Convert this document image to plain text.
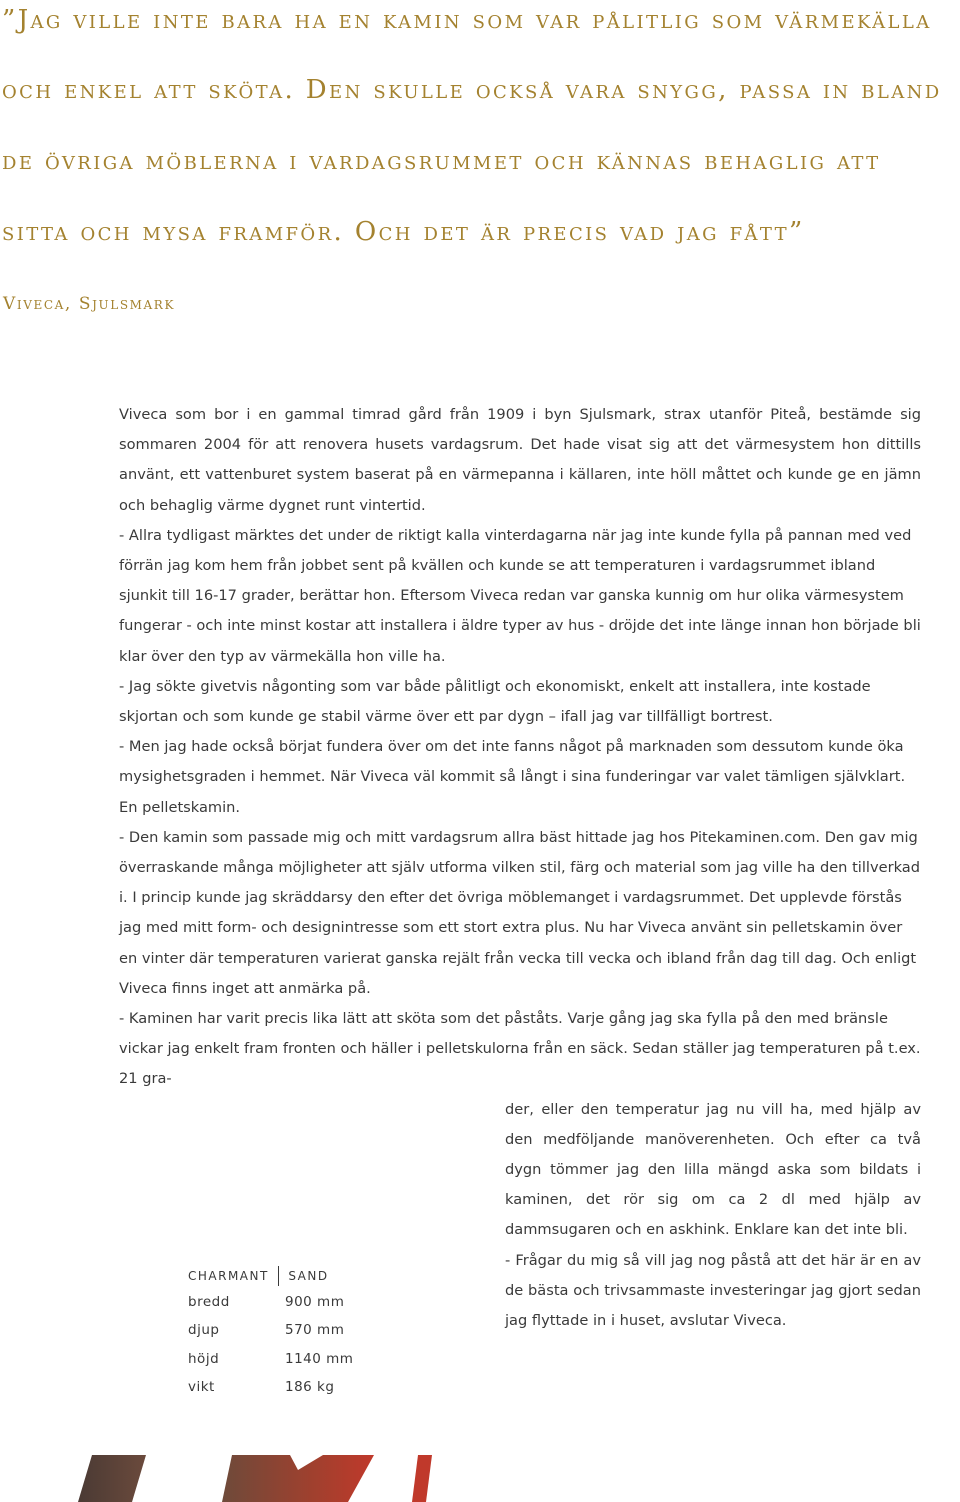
”Jag ville inte bara ha en kamin som var pålitlig som värmekälla
och enkel att sköta. Den skulle också vara snygg, passa in bland
de övriga möblerna i vardagsrummet och kännas behaglig att
sitta och mysa framför. Och det är precis vad jag fått”
Viveca, Sjulsmark

Viveca som bor i en gammal timrad gård från 1909 i byn Sjulsmark, strax utanför Piteå, bestämde sig sommaren 2004 för att renovera husets vardagsrum. Det hade visat sig att det värmesystem hon dittills använt, ett vattenburet system baserat på en värmepanna i källaren, inte höll måttet och kunde ge en jämn och behaglig värme dygnet runt vintertid.

- Allra tydligast märktes det under de riktigt kalla vinterdagarna när jag inte kunde fylla på pannan med ved förrän jag kom hem från jobbet sent på kvällen och kunde se att temperaturen i vardagsrummet ibland sjunkit till 16-17 grader, berättar hon. Eftersom Viveca redan var ganska kunnig om hur olika värmesystem fungerar - och inte minst kostar att installera i äldre typer av hus - dröjde det inte länge innan hon började bli klar över den typ av värmekälla hon ville ha.

- Jag sökte givetvis någonting som var både pålitligt och ekonomiskt, enkelt att installera, inte kostade skjortan och som kunde ge stabil värme över ett par dygn – ifall jag var tillfälligt bortrest.

- Men jag hade också börjat fundera över om det inte fanns något på marknaden som dessutom kunde öka mysighetsgraden i hemmet. När Viveca väl kommit så långt i sina funderingar var valet tämligen självklart.

En pelletskamin.

- Den kamin som passade mig och mitt vardagsrum allra bäst hittade jag hos Pitekaminen.com. Den gav mig överraskande många möjligheter att själv utforma vilken stil, färg och material som jag ville ha den tillverkad i. I princip kunde jag skräddarsy den efter det övriga möblemanget i vardagsrummet. Det upplevde förstås jag med mitt form- och designintresse som ett stort extra plus. Nu har Viveca använt sin pelletskamin över en vinter där temperaturen varierat ganska rejält från vecka till vecka och ibland från dag till dag. Och enligt Viveca finns inget att anmärka på.

- Kaminen har varit precis lika lätt att sköta som det påståts. Varje gång jag ska fylla på den med bränsle vickar jag enkelt fram fronten och häller i pelletskulorna från en säck. Sedan ställer jag temperaturen på t.ex. 21 gra-

der, eller den temperatur jag nu vill ha, med hjälp av den medföljande manöverenheten. Och efter ca två dygn tömmer jag den lilla mängd aska som bildats i kaminen, det rör sig om ca 2 dl med hjälp av dammsugaren och en askhink. Enklare kan det inte bli.

- Frågar du mig så vill jag nog påstå att det här är en av de bästa och trivsammaste investeringar jag gjort sedan jag flyttade in i huset, avslutar Viveca.

CHARMANT SAND
bredd	900 mm
djup	570 mm
höjd	1140 mm
vikt	186 kg
